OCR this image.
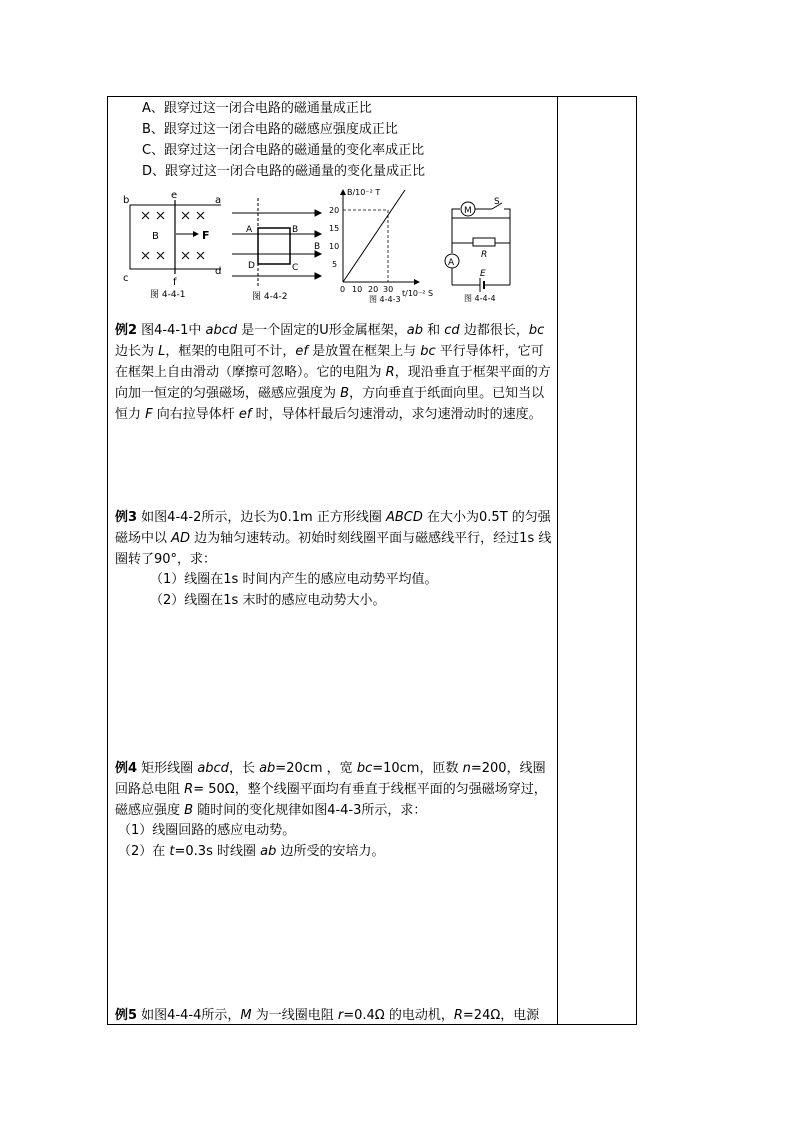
A、跟穿过这一闭合电路的磁通量成正比
B、跟穿过这一闭合电路的磁感应强度成正比
C、跟穿过这一闭合电路的磁通量的变化率成正比
D、跟穿过这一闭合电路的磁通量的变化量成正比
b	e	a
B	F
c	f
d
图 4-4-1
A	B
B
D	C
图 4-4-2
B/10⁻² T
20
15
10
5
0 10 20 30 t/10⁻² S
图 4-4-3
M
S
R
A
E
图 4-4-4
例2 图4-4-1中 abcd 是一个固定的U形金属框架，ab 和 cd 边都很长，bc 边长为 L，框架的电阻可不计，ef 是放置在框架上与 bc 平行导体杆，它可在框架上自由滑动（摩擦可忽略）。它的电阻为 R，现沿垂直于框架平面的方向加一恒定的匀强磁场，磁感应强度为 B，方向垂直于纸面向里。已知当以恒力 F 向右拉导体杆 ef 时，导体杆最后匀速滑动，求匀速滑动时的速度。
例3 如图4-4-2所示，边长为0.1m 正方形线圈 ABCD 在大小为0.5T 的匀强磁场中以 AD 边为轴匀速转动。初始时刻线圈平面与磁感线平行，经过1s 线圈转了90°，求：
（1）线圈在1s 时间内产生的感应电动势平均值。
（2）线圈在1s 末时的感应电动势大小。
例4 矩形线圈 abcd，长 ab=20cm ，宽 bc=10cm，匝数 n=200，线圈回路总电阻 R= 50Ω，整个线圈平面均有垂直于线框平面的匀强磁场穿过，磁感应强度 B 随时间的变化规律如图4-4-3所示，求：
（1）线圈回路的感应电动势。
（2）在 t=0.3s 时线圈 ab 边所受的安培力。
例5 如图4-4-4所示，M 为一线圈电阻 r=0.4Ω 的电动机，R=24Ω，电源
